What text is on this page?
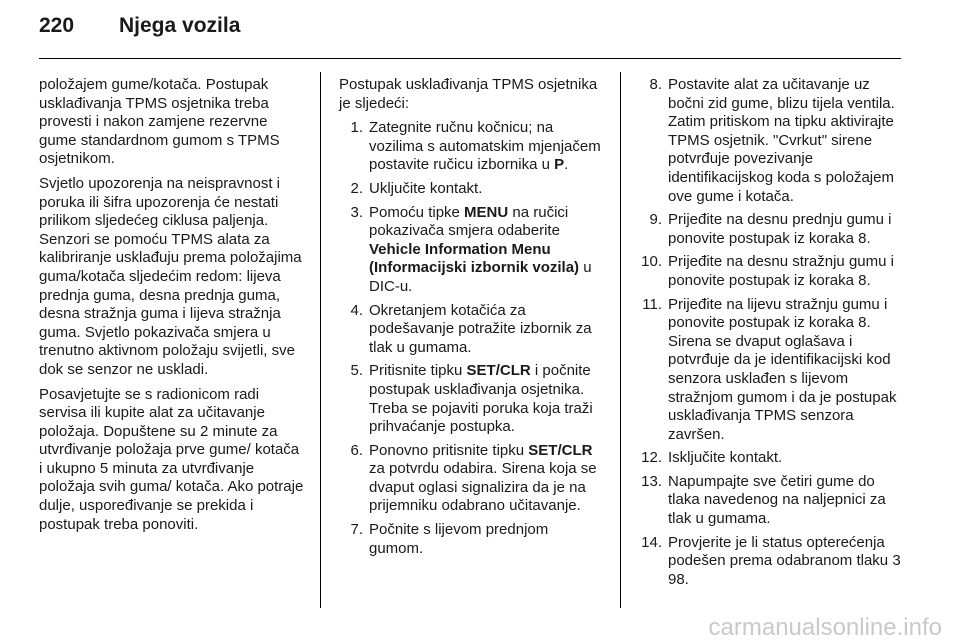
220	Njega vozila

položajem gume/kotača. Postupak usklađivanja TPMS osjetnika treba provesti i nakon zamjene rezervne gume standardnom gumom s TPMS osjetnikom.

Svjetlo upozorenja na neispravnost i poruka ili šifra upozorenja će nestati prilikom sljedećeg ciklusa paljenja. Senzori se pomoću TPMS alata za kalibriranje usklađuju prema položajima guma/kotača sljedećim redom: lijeva prednja guma, desna prednja guma, desna stražnja guma i lijeva stražnja guma. Svjetlo pokazivača smjera u trenutno aktivnom položaju svijetli, sve dok se senzor ne uskladi.

Posavjetujte se s radionicom radi servisa ili kupite alat za učitavanje položaja. Dopuštene su 2 minute za utvrđivanje položaja prve gume/ kotača i ukupno 5 minuta za utvrđivanje položaja svih guma/ kotača. Ako potraje dulje, uspoređivanje se prekida i postupak treba ponoviti.

Postupak usklađivanja TPMS osjetnika je sljedeći:

1. Zategnite ručnu kočnicu; na vozilima s automatskim mjenjačem postavite ručicu izbornika u P.
2. Uključite kontakt.
3. Pomoću tipke MENU na ručici pokazivača smjera odaberite Vehicle Information Menu (Informacijski izbornik vozila) u DIC-u.
4. Okretanjem kotačića za podešavanje potražite izbornik za tlak u gumama.
5. Pritisnite tipku SET/CLR i počnite postupak usklađivanja osjetnika. Treba se pojaviti poruka koja traži prihvaćanje postupka.
6. Ponovno pritisnite tipku SET/CLR za potvrdu odabira. Sirena koja se dvaput oglasi signalizira da je na prijemniku odabrano učitavanje.
7. Počnite s lijevom prednjom gumom.
8. Postavite alat za učitavanje uz bočni zid gume, blizu tijela ventila. Zatim pritiskom na tipku aktivirajte TPMS osjetnik. "Cvrkut" sirene potvrđuje povezivanje identifikacijskog koda s položajem ove gume i kotača.
9. Prijeđite na desnu prednju gumu i ponovite postupak iz koraka 8.
10. Prijeđite na desnu stražnju gumu i ponovite postupak iz koraka 8.
11. Prijeđite na lijevu stražnju gumu i ponovite postupak iz koraka 8. Sirena se dvaput oglašava i potvrđuje da je identifikacijski kod senzora usklađen s lijevom stražnjom gumom i da je postupak usklađivanja TPMS senzora završen.
12. Isključite kontakt.
13. Napumpajte sve četiri gume do tlaka navedenog na naljepnici za tlak u gumama.
14. Provjerite je li status opterećenja podešen prema odabranom tlaku 3 98.
carmanualsonline.info
